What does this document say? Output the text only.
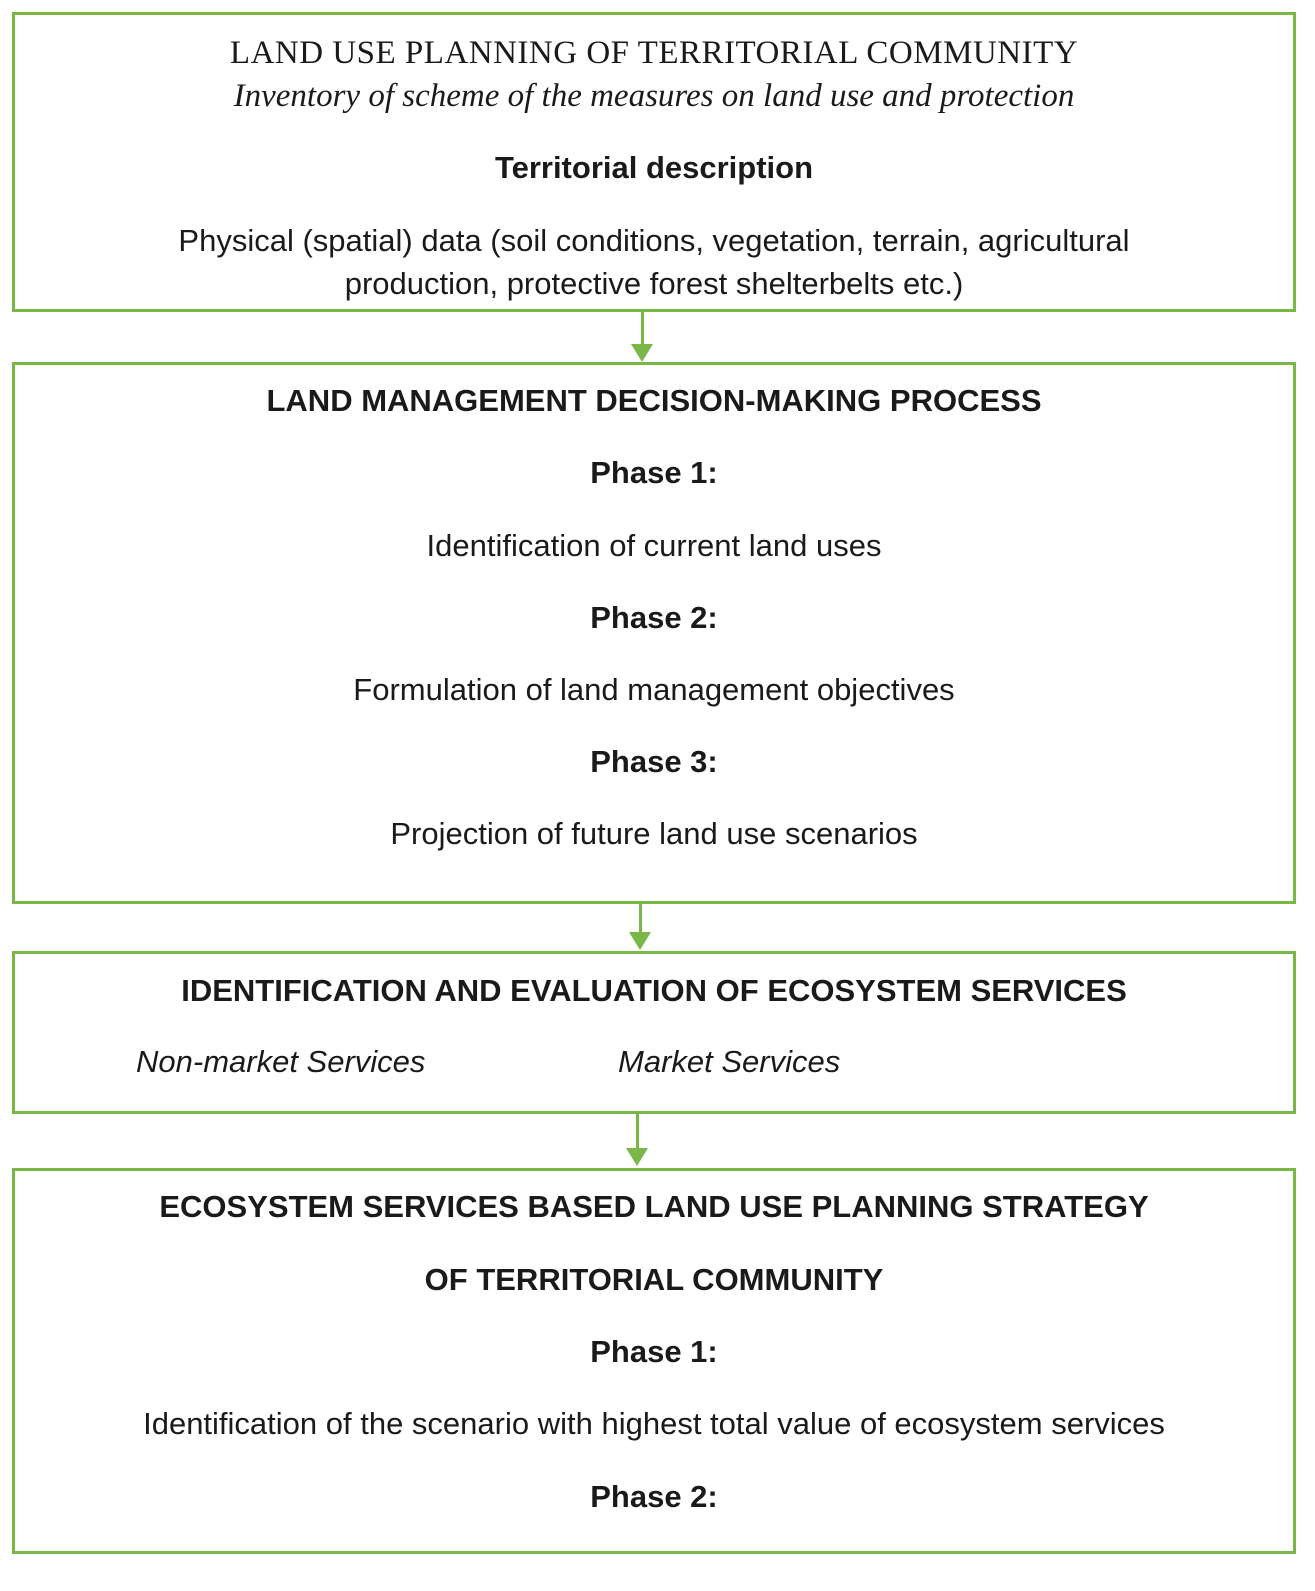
LAND USE PLANNING OF TERRITORIAL COMMUNITY
Inventory of scheme of the measures on land use and protection
Territorial description
Physical (spatial) data (soil conditions, vegetation, terrain, agricultural
production, protective forest shelterbelts etc.)
LAND MANAGEMENT DECISION-MAKING PROCESS
Phase 1:
Identification of current land uses
Phase 2:
Formulation of land management objectives
Phase 3:
Projection of future land use scenarios
IDENTIFICATION AND EVALUATION OF ECOSYSTEM SERVICES
Non-market Services	Market Services
ECOSYSTEM SERVICES BASED LAND USE PLANNING STRATEGY
OF TERRITORIAL COMMUNITY
Phase 1:
Identification of the scenario with highest total value of ecosystem services
Phase 2:
